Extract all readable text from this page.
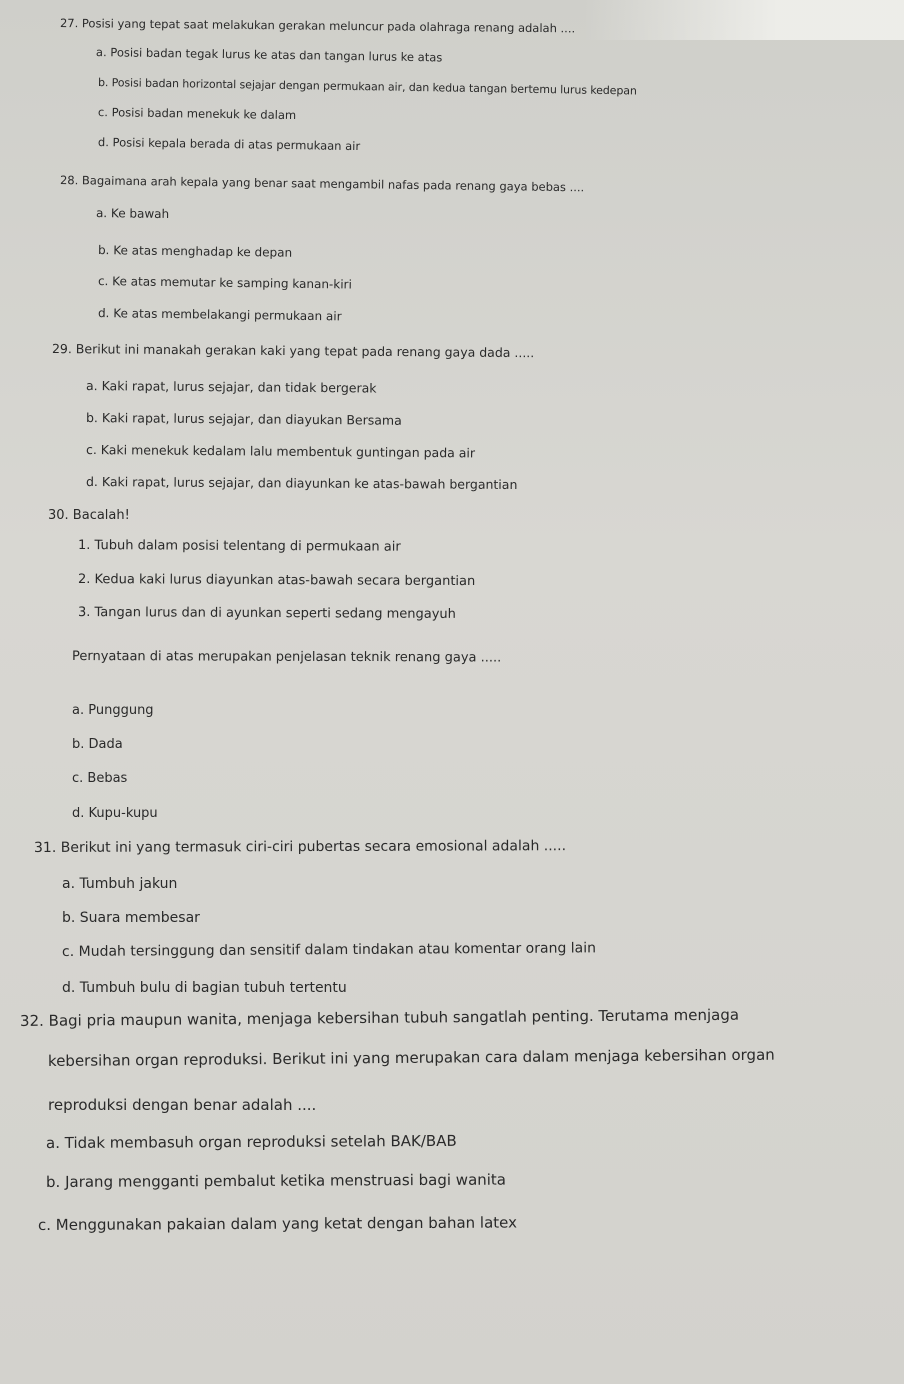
27. Posisi yang tepat saat melakukan gerakan meluncur pada olahraga renang adalah ....
a. Posisi badan tegak lurus ke atas dan tangan lurus ke atas
b. Posisi badan horizontal sejajar dengan permukaan air, dan kedua tangan bertemu lurus kedepan
c. Posisi badan menekuk ke dalam
d. Posisi kepala berada di atas permukaan air
28. Bagaimana arah kepala yang benar saat mengambil nafas pada renang gaya bebas ....
a. Ke bawah
b. Ke atas menghadap ke depan
c. Ke atas memutar ke samping kanan-kiri
d. Ke atas membelakangi permukaan air
29. Berikut ini manakah gerakan kaki yang tepat pada renang gaya dada .....
a. Kaki rapat, lurus sejajar, dan tidak bergerak
b. Kaki rapat, lurus sejajar, dan diayukan Bersama
c. Kaki menekuk kedalam lalu membentuk guntingan pada air
d. Kaki rapat, lurus sejajar, dan diayunkan ke atas-bawah bergantian
30. Bacalah!
1. Tubuh dalam posisi telentang di permukaan air
2. Kedua kaki lurus diayunkan atas-bawah secara bergantian
3. Tangan lurus dan di ayunkan seperti sedang mengayuh
Pernyataan di atas merupakan penjelasan teknik renang gaya .....
a. Punggung
b. Dada
c. Bebas
d. Kupu-kupu
31. Berikut ini yang termasuk ciri-ciri pubertas secara emosional adalah .....
a. Tumbuh jakun
b. Suara membesar
c. Mudah tersinggung dan sensitif dalam tindakan atau komentar orang lain
d. Tumbuh bulu di bagian tubuh tertentu
32. Bagi pria maupun wanita, menjaga kebersihan tubuh sangatlah penting. Terutama menjaga
kebersihan organ reproduksi. Berikut ini yang merupakan cara dalam menjaga kebersihan organ
reproduksi dengan benar adalah ....
a. Tidak membasuh organ reproduksi setelah BAK/BAB
b. Jarang mengganti pembalut ketika menstruasi bagi wanita
c. Menggunakan pakaian dalam yang ketat dengan bahan latex
